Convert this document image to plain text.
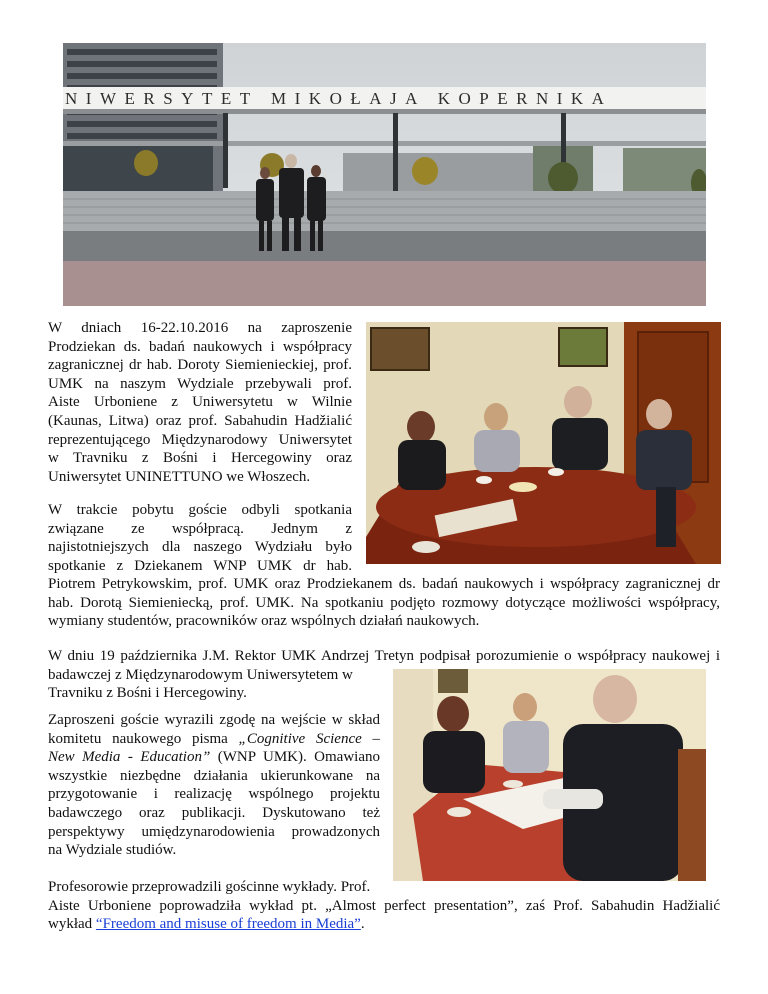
NIWERSYTET MIKOŁAJA KOPERNIKA
W dniach 16-22.10.2016 na zaproszenie
Prodziekan ds. badań naukowych i współpracy
zagranicznej dr hab. Doroty Siemienieckiej, prof.
UMK na naszym Wydziale przebywali prof.
Aiste Urboniene z Uniwersytetu w Wilnie
(Kaunas, Litwa) oraz prof. Sabahudin Hadžialić
reprezentującego Międzynarodowy Uniwersytet
w Travniku z Bośni i Hercegowiny oraz
Uniwersytet UNINETTUNO we Włoszech.
W trakcie pobytu goście odbyli spotkania
związane ze współpracą. Jednym z
najistotniejszych dla naszego Wydziału było
spotkanie z Dziekanem WNP UMK dr hab.
Piotrem Petrykowskim, prof. UMK oraz Prodziekanem ds. badań naukowych i współpracy zagranicznej dr
hab. Dorotą Siemieniecką, prof. UMK. Na spotkaniu podjęto rozmowy dotyczące możliwości współpracy,
wymiany studentów, pracowników oraz wspólnych działań naukowych.
W dniu 19 października J.M. Rektor UMK Andrzej Tretyn podpisał porozumienie o współpracy naukowej i
badawczej z Międzynarodowym Uniwersytetem w
Travniku z Bośni i Hercegowiny.
Zaproszeni goście wyrazili zgodę na wejście w skład
komitetu naukowego pisma „Cognitive Science –
New Media - Education” (WNP UMK). Omawiano
wszystkie niezbędne działania ukierunkowane na
przygotowanie i realizację wspólnego projektu
badawczego oraz publikacji. Dyskutowano też
perspektywy umiędzynarodowienia prowadzonych
na Wydziale studiów.
Profesorowie przeprowadzili gościnne wykłady. Prof.
Aiste Urboniene poprowadziła wykład pt. „Almost perfect presentation”, zaś Prof. Sabahudin Hadžialić
wykład “Freedom and misuse of freedom in Media”.
